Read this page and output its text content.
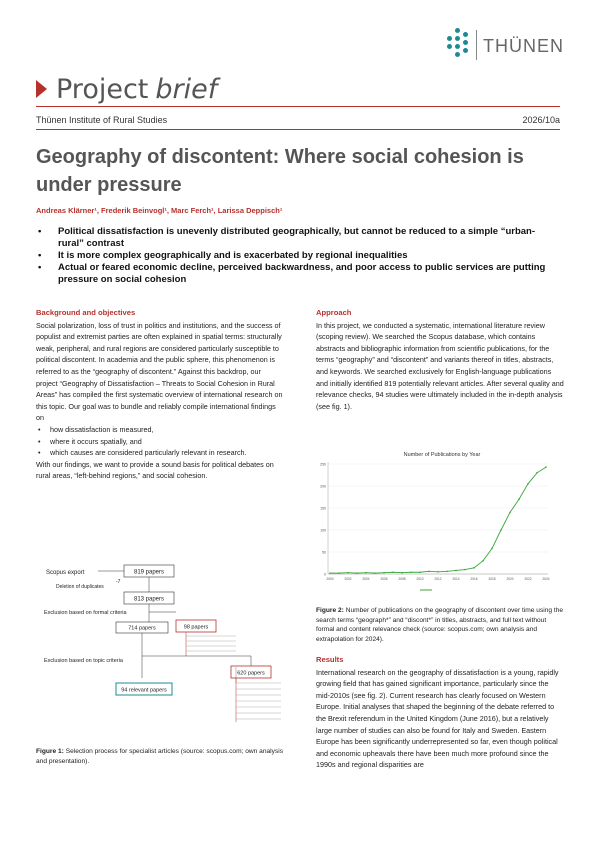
THÜNEN
Project brief
Thünen Institute of Rural Studies	2026/10a
Geography of discontent: Where social cohesion is under pressure
Andreas Klärner¹, Frederik Beinvogl¹, Marc Ferch¹, Larissa Deppisch¹
•	Political dissatisfaction is unevenly distributed geographically, but cannot be reduced to a simple “urban-rural” contrast
•	It is more complex geographically and is exacerbated by regional inequalities
•	Actual or feared economic decline, perceived backwardness, and poor access to public services are putting pressure on social cohesion
Background and objectives
Social polarization, loss of trust in politics and institutions, and the success of populist and extremist parties are often explained in spatial terms: structurally weak, peripheral, and rural regions are considered particularly susceptible to political discontent. In academia and the public sphere, this phenomenon is referred to as the “geography of discontent.” Against this backdrop, our project “Geography of Dissatisfaction – Threats to Social Cohesion in Rural Areas” has compiled the first systematic overview of international research on this topic. Our goal was to bundle and reliably compile international findings on
•	how dissatisfaction is measured,
•	where it occurs spatially, and
•	which causes are considered particularly relevant in research.
With our findings, we want to provide a sound basis for political debates on rural areas, “left-behind regions,” and social cohesion.
Scopus export
Deletion of duplicates
Exclusion based on formal criteria
Exclusion based on topic criteria
819 papers
-7
813 papers
714 papers	98 papers
620 papers
94 relevant papers
Figure 1: Selection process for specialist articles (source: scopus.com; own analysis and presentation).
Approach
In this project, we conducted a systematic, international literature review (scoping review). We searched the Scopus database, which contains abstracts and bibliographic information from scientific publications, for the terms “geography” and “discontent” and variants thereof in titles, abstracts, and keywords. We searched exclusively for English-language publications and initially identified 819 potentially relevant articles. After several quality and relevance checks, 94 studies were ultimately included in the in-depth analysis (see fig. 1).
Number of Publications by Year
0
50
100
150
200
250
2000	2002	2004	2006	2008	2010	2012	2014	2016	2018	2020	2022	2024
Figure 2: Number of publications on the geography of discontent over time using the search terms “geograph*” and “discont*” in titles, abstracts, and full text without formal and content relevance check (source: scopus.com; own analysis and extrapolation for 2024).
Results
International research on the geography of dissatisfaction is a young, rapidly growing field that has gained significant importance, particularly since the mid-2010s (see fig. 2). Current research has clearly focused on Western Europe. Initial analyses that shaped the beginning of the debate referred to the Brexit referendum in the United Kingdom (June 2016), but a relatively large number of studies can also be found for Italy and Sweden. Eastern Europe has been significantly underrepresented so far, even though political and economic upheavals there have been much more profound since the 1990s and regional disparities are
